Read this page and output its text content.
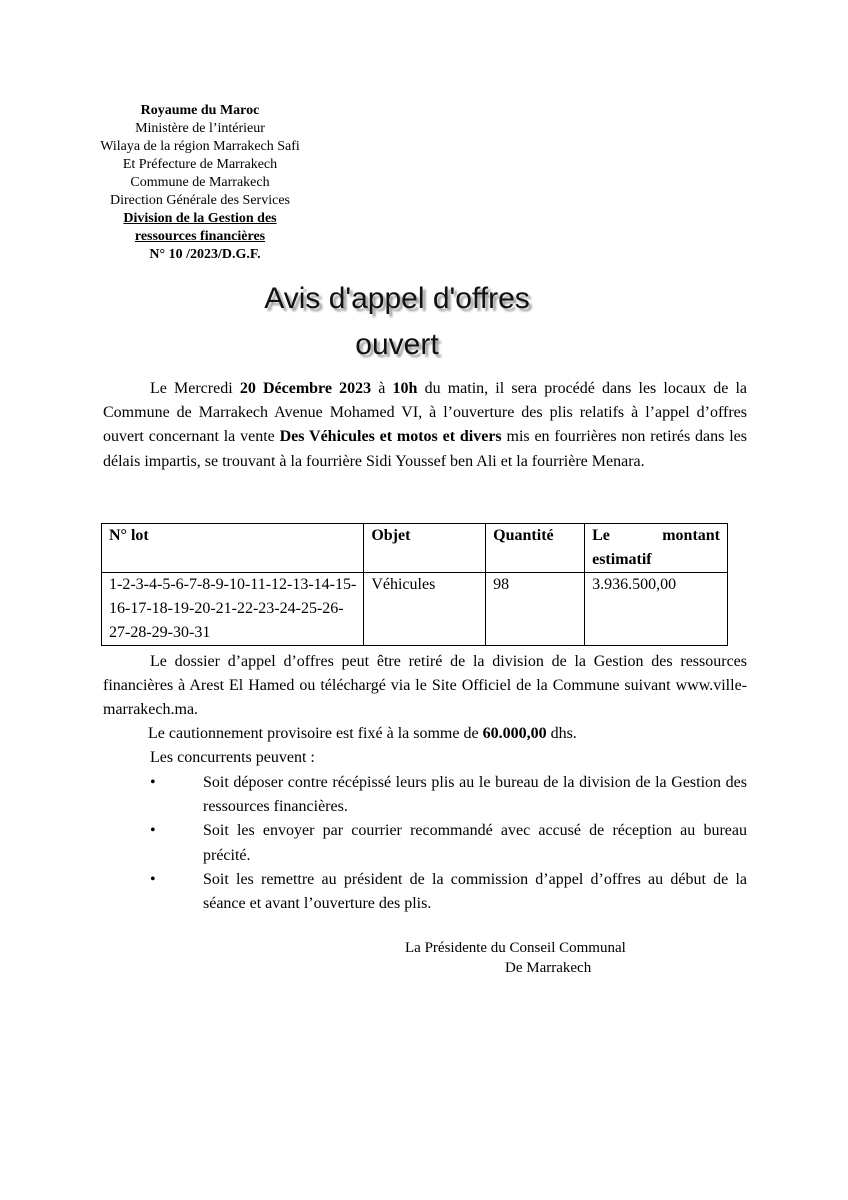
Royaume du Maroc
Ministère de l’intérieur
Wilaya de la région Marrakech Safi
Et Préfecture de Marrakech
Commune de Marrakech
Direction Générale des Services
Division de la Gestion des
ressources financières
N° 10 /2023/D.G.F.
Avis d'appel d'offres
ouvert

Le Mercredi 20 Décembre 2023 à 10h du matin, il sera procédé dans les locaux de la Commune de Marrakech Avenue Mohamed VI, à l’ouverture des plis relatifs à l’appel d’offres ouvert concernant la vente Des Véhicules et motos et divers mis en fourrières non retirés dans les délais impartis, se trouvant à la fourrière Sidi Youssef ben Ali et la fourrière Menara.

N° lot	Objet	Quantité	Le montant
estimatif

1-2-3-4-5-6-7-8-9-10-11-12-13-14-15-16-17-18-19-20-21-22-23-24-25-26-27-28-29-30-31	Véhicules	98	3.936.500,00

Le dossier d’appel d’offres peut être retiré de la division de la Gestion des ressources financières à Arest El Hamed ou téléchargé via le Site Officiel de la Commune suivant www.ville-marrakech.ma.

Le cautionnement provisoire est fixé à la somme de 60.000,00 dhs.
Les concurrents peuvent :
•	Soit déposer contre récépissé leurs plis au le bureau de la division de la Gestion des ressources financières.
•	Soit les envoyer par courrier recommandé avec accusé de réception au bureau précité.
•	Soit les remettre au président de la commission d’appel d’offres au début de la séance et avant l’ouverture des plis.
La Présidente du Conseil Communal
De Marrakech
